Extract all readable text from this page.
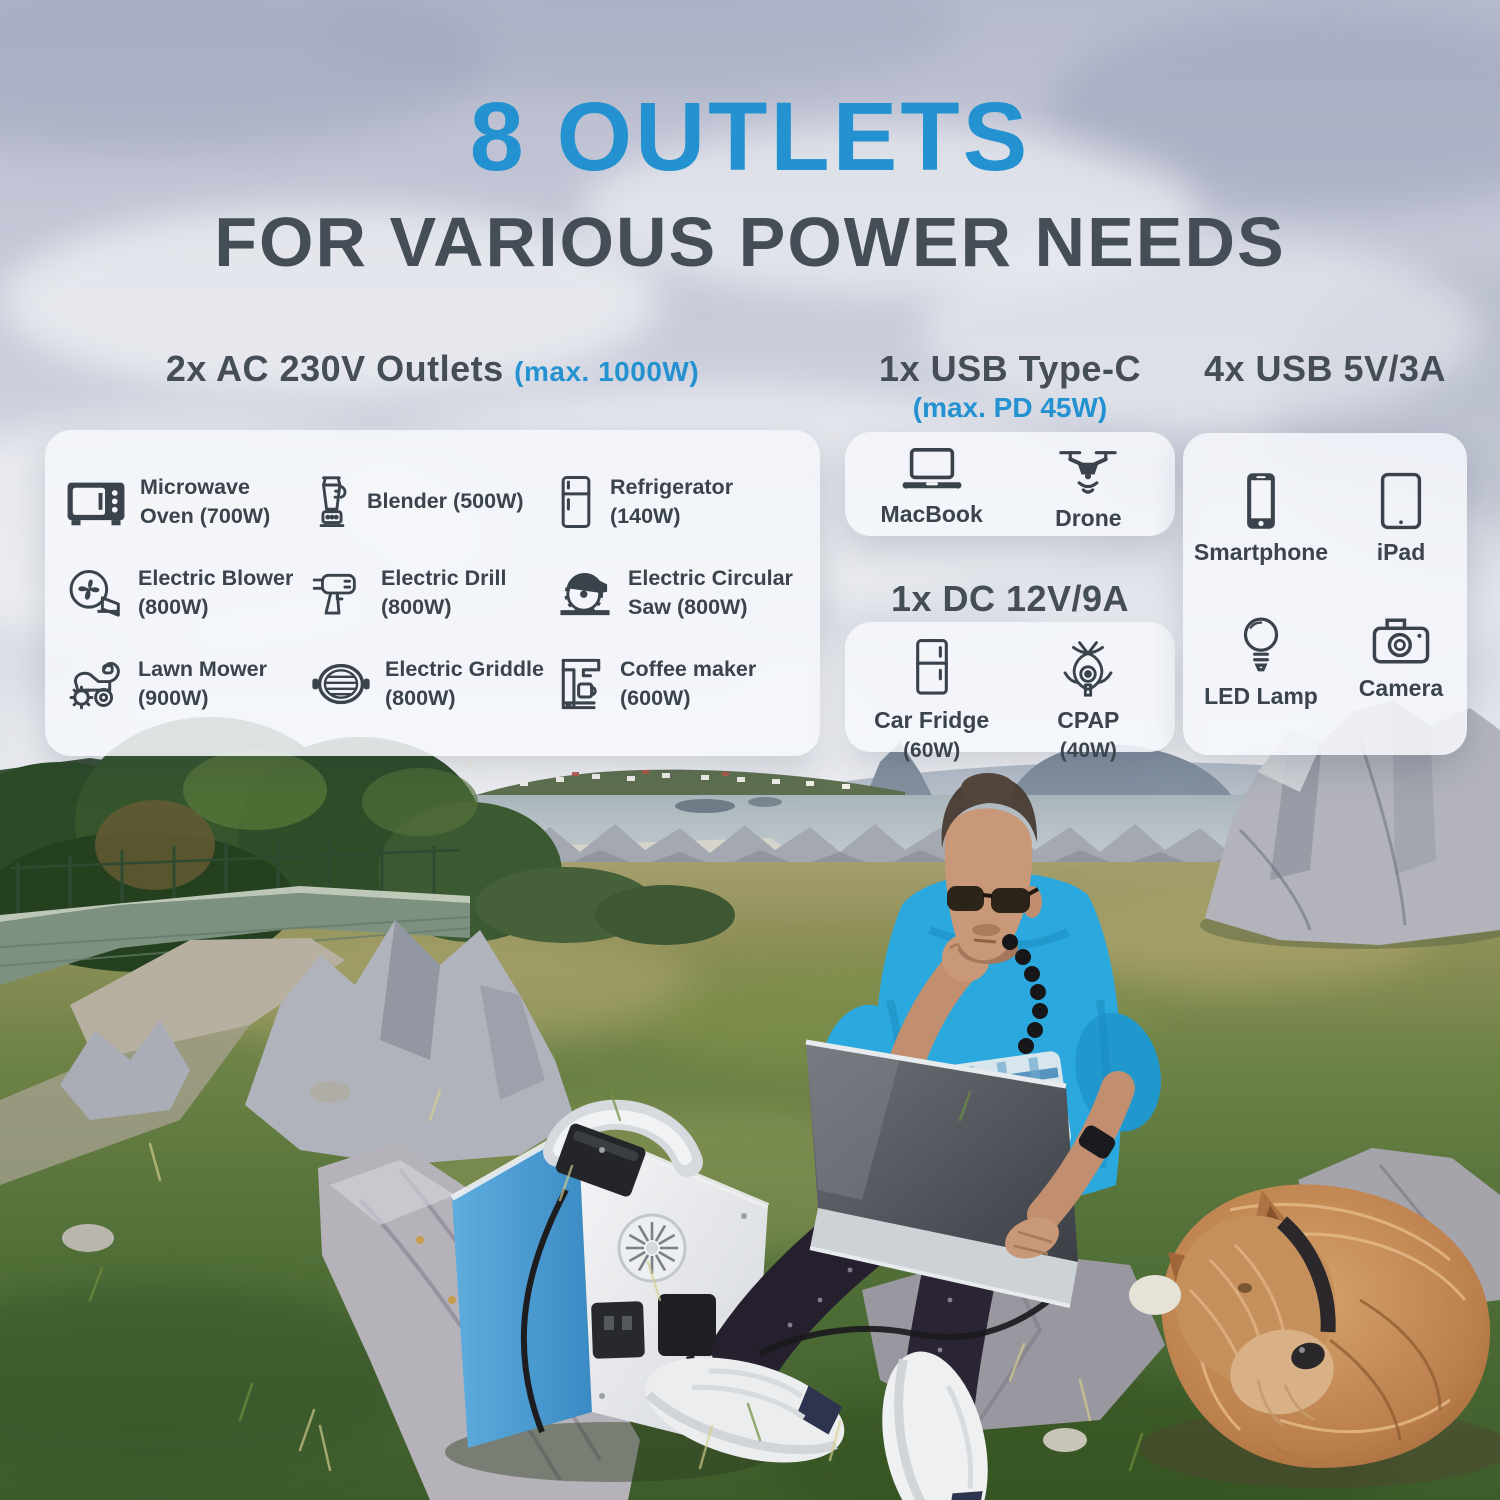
8 OUTLETS
FOR VARIOUS POWER NEEDS
2x AC 230V Outlets (max. 1000W)	1x USB Type-C
(max. PD 45W)
4x USB 5V/3A
1x DC 12V/9A
Microwave Oven (700W)
Blender (500W)
Refrigerator (140W)
Electric Blower (800W)
Electric Drill (800W)
Electric Circular Saw (800W)
Lawn Mower (900W)
Electric Griddle (800W)
Coffee maker (600W)
MacBook	Drone
Car Fridge
(60W)
CPAP
(40W)
Smartphone iPad
LED Lamp Camera
